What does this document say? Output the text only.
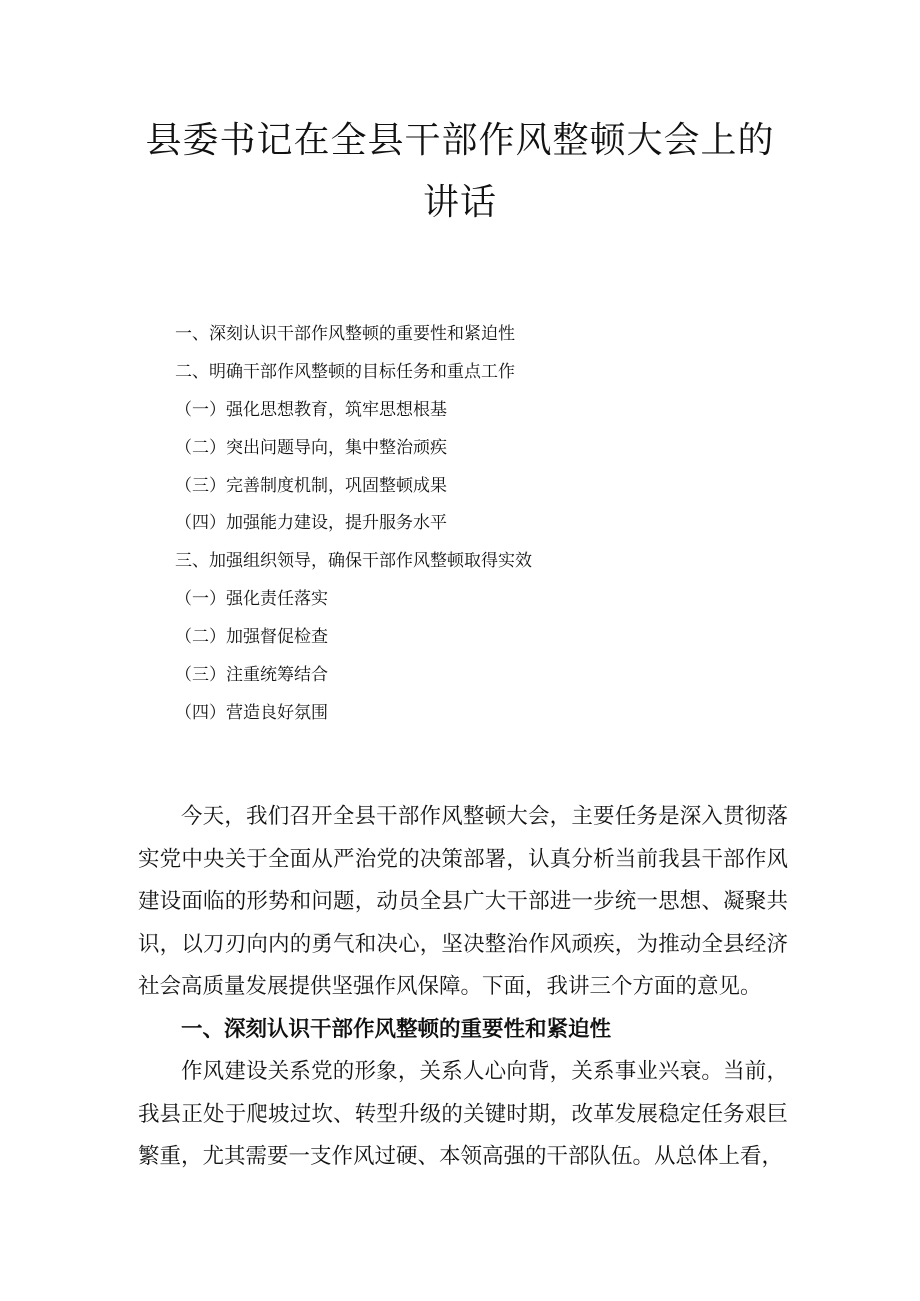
县委书记在全县干部作风整顿大会上的讲话
一、深刻认识干部作风整顿的重要性和紧迫性
二、明确干部作风整顿的目标任务和重点工作
（一）强化思想教育，筑牢思想根基
（二）突出问题导向，集中整治顽疾
（三）完善制度机制，巩固整顿成果
（四）加强能力建设，提升服务水平
三、加强组织领导，确保干部作风整顿取得实效
（一）强化责任落实
（二）加强督促检查
（三）注重统筹结合
（四）营造良好氛围

今天，我们召开全县干部作风整顿大会，主要任务是深入贯彻落实党中央关于全面从严治党的决策部署，认真分析当前我县干部作风建设面临的形势和问题，动员全县广大干部进一步统一思想、凝聚共识，以刀刃向内的勇气和决心，坚决整治作风顽疾，为推动全县经济社会高质量发展提供坚强作风保障。下面，我讲三个方面的意见。

一、深刻认识干部作风整顿的重要性和紧迫性

作风建设关系党的形象，关系人心向背，关系事业兴衰。当前，我县正处于爬坡过坎、转型升级的关键时期，改革发展稳定任务艰巨繁重，尤其需要一支作风过硬、本领高强的干部队伍。从总体上看，
